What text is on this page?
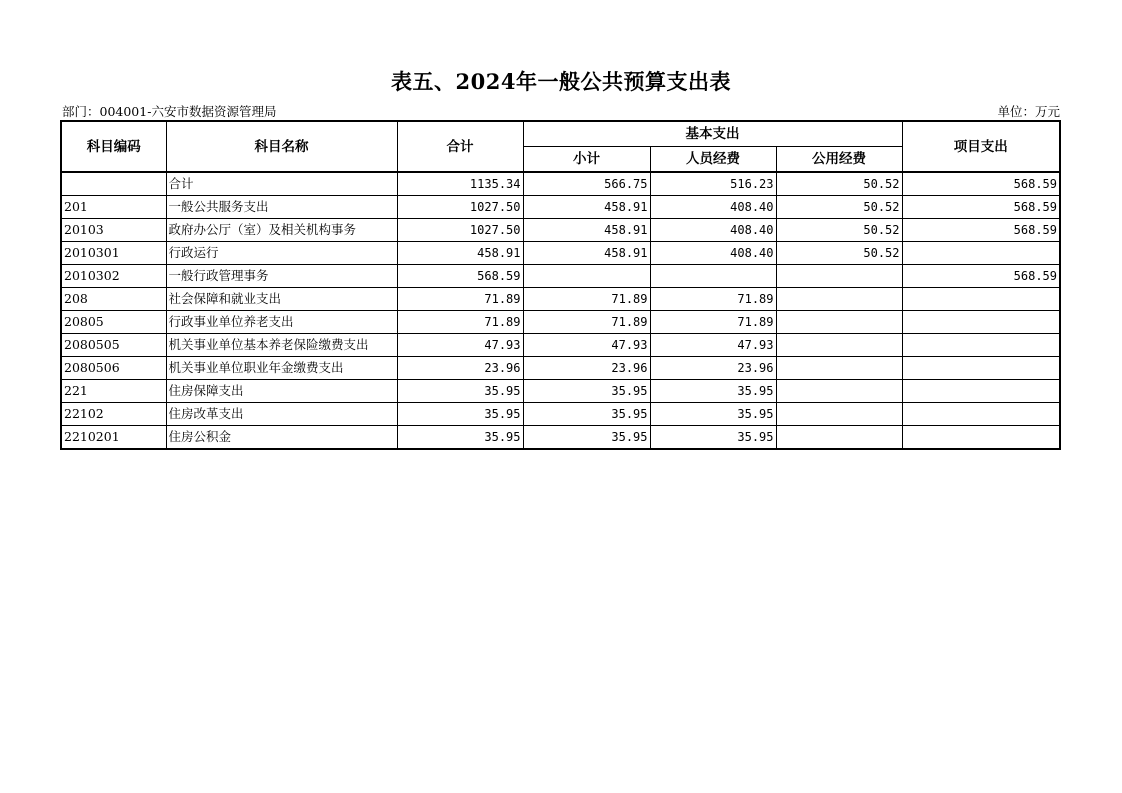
表五、2024年一般公共预算支出表
部门：004001-六安市数据资源管理局	单位：万元
科目编码	科目名称	合计	基本支出			项目支出
			小计	人员经费	公用经费	
	合计	1135.34	566.75	516.23	50.52	568.59
201	一般公共服务支出	1027.50	458.91	408.40	50.52	568.59
20103	政府办公厅（室）及相关机构事务	1027.50	458.91	408.40	50.52	568.59
2010301	行政运行	458.91	458.91	408.40	50.52	
2010302	一般行政管理事务	568.59				568.59
208	社会保障和就业支出	71.89	71.89	71.89		
20805	行政事业单位养老支出	71.89	71.89	71.89		
2080505	机关事业单位基本养老保险缴费支出	47.93	47.93	47.93		
2080506	机关事业单位职业年金缴费支出	23.96	23.96	23.96		
221	住房保障支出	35.95	35.95	35.95		
22102	住房改革支出	35.95	35.95	35.95		
2210201	住房公积金	35.95	35.95	35.95		
